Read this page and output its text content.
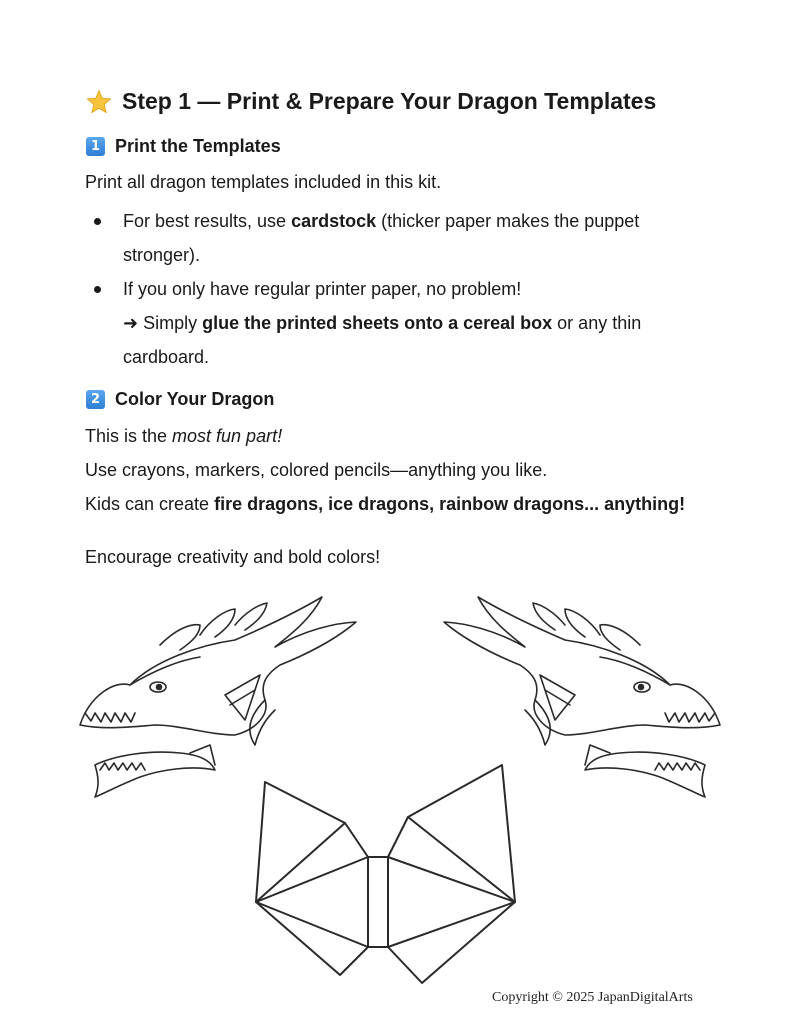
Step 1 — Print & Prepare Your Dragon Templates
1 Print the Templates
Print all dragon templates included in this kit.
For best results, use cardstock (thicker paper makes the puppet
stronger).
If you only have regular printer paper, no problem!
➜ Simply glue the printed sheets onto a cereal box or any thin
cardboard.
2 Color Your Dragon
This is the most fun part!
Use crayons, markers, colored pencils—anything you like.
Kids can create fire dragons, ice dragons, rainbow dragons... anything!
Encourage creativity and bold colors!
Copyright © 2025 JapanDigitalArts
